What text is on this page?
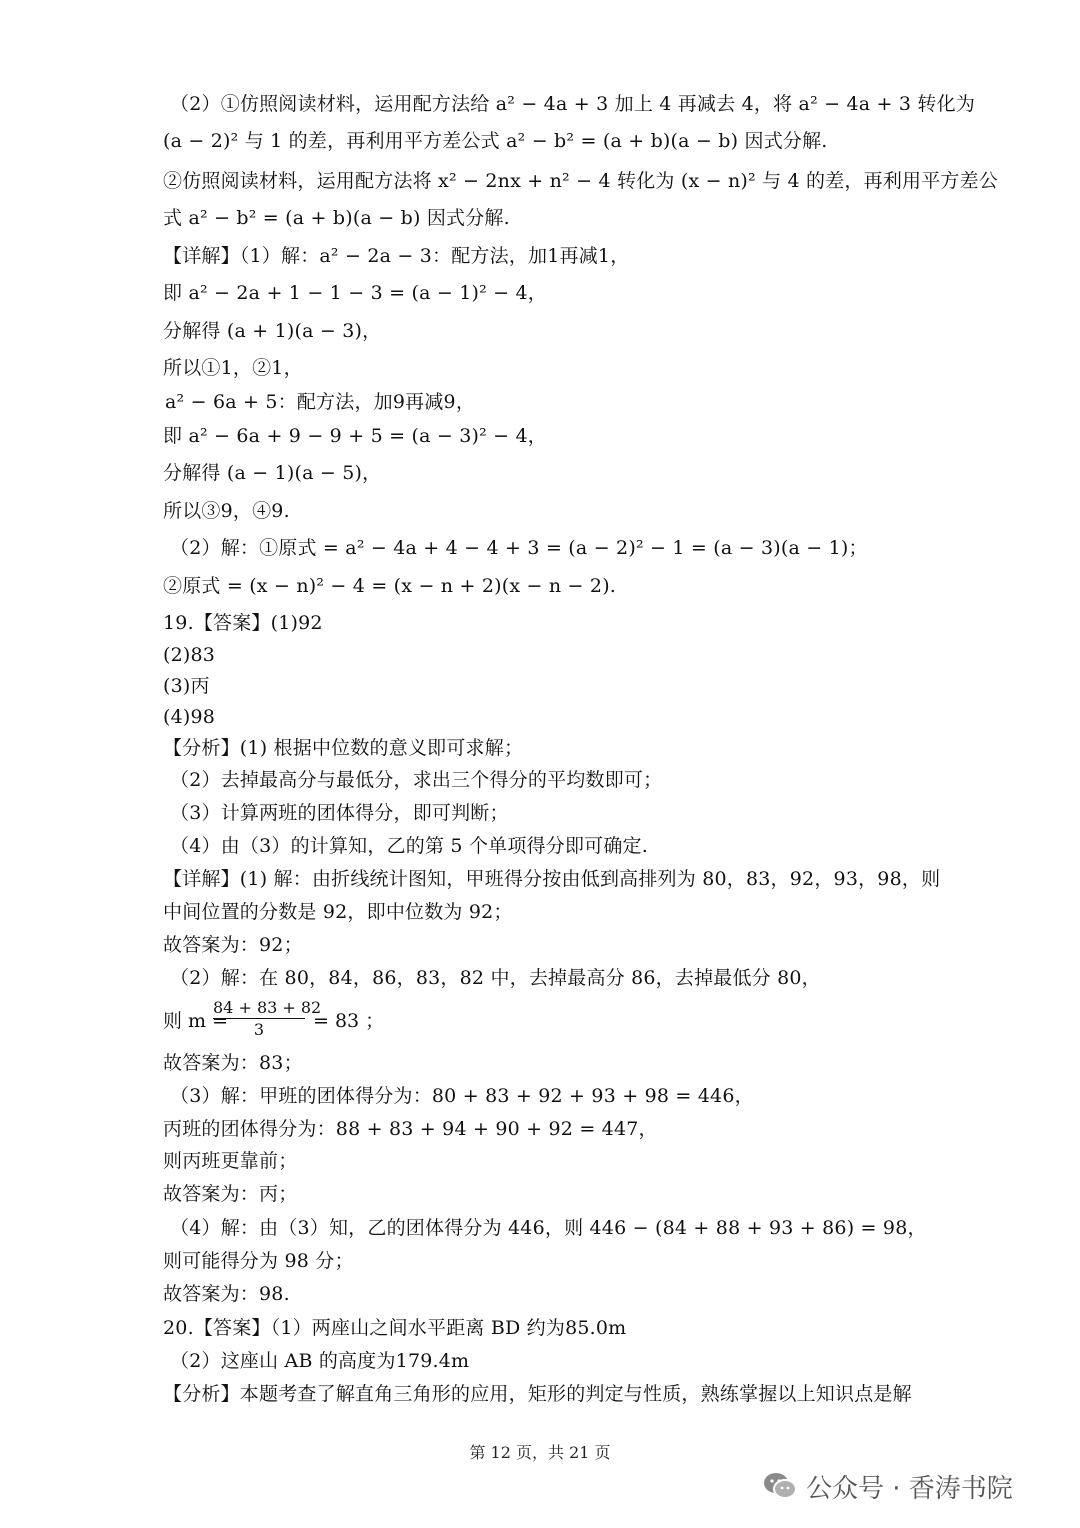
（2）①仿照阅读材料，运用配方法给 a² − 4a + 3 加上 4 再减去 4，将 a² − 4a + 3 转化为
(a − 2)² 与 1 的差，再利用平方差公式 a² − b² = (a + b)(a − b) 因式分解.
②仿照阅读材料，运用配方法将 x² − 2nx + n² − 4 转化为 (x − n)² 与 4 的差，再利用平方差公
式 a² − b² = (a + b)(a − b) 因式分解.
【详解】（1）解：a² − 2a − 3：配方法，加1再减1，
即 a² − 2a + 1 − 1 − 3 = (a − 1)² − 4，
分解得 (a + 1)(a − 3)，
所以①1，②1，
a² − 6a + 5：配方法，加9再减9，
即 a² − 6a + 9 − 9 + 5 = (a − 3)² − 4，
分解得 (a − 1)(a − 5)，
所以③9，④9.
（2）解：①原式 = a² − 4a + 4 − 4 + 3 = (a − 2)² − 1 = (a − 3)(a − 1)；
②原式 = (x − n)² − 4 = (x − n + 2)(x − n − 2).
19.【答案】(1)92
(2)83
(3)丙
(4)98
【分析】(1) 根据中位数的意义即可求解；
（2）去掉最高分与最低分，求出三个得分的平均数即可；
（3）计算两班的团体得分，即可判断；
（4）由（3）的计算知，乙的第 5 个单项得分即可确定.
【详解】(1) 解：由折线统计图知，甲班得分按由低到高排列为 80，83，92，93，98，则
中间位置的分数是 92，即中位数为 92；
故答案为：92；
（2）解：在 80，84，86，83，82 中，去掉最高分 86，去掉最低分 80，
故答案为：83；
（3）解：甲班的团体得分为：80 + 83 + 92 + 93 + 98 = 446，
丙班的团体得分为：88 + 83 + 94 + 90 + 92 = 447，
则丙班更靠前；
故答案为：丙；
（4）解：由（3）知，乙的团体得分为 446，则 446 − (84 + 88 + 93 + 86) = 98，
则可能得分为 98 分；
故答案为：98.
20.【答案】（1）两座山之间水平距离 BD 约为85.0m
（2）这座山 AB 的高度为179.4m
【分析】本题考查了解直角三角形的应用，矩形的判定与性质，熟练掌握以上知识点是解
则 m =
$\frac{84 + 83 + 82}{3} = 83$ ；
第 12 页，共 21 页
公众号 · 香涛书院
